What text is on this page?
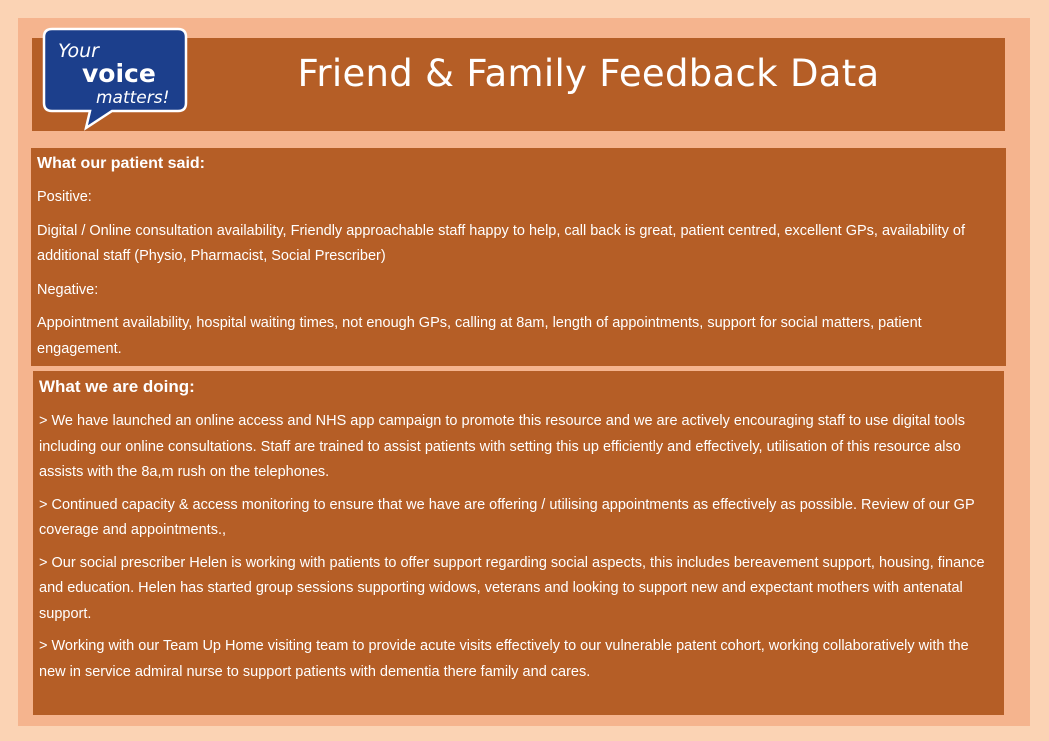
Friend & Family Feedback Data
Your
voice
matters!
What our patient said:
Positive:
Digital / Online consultation availability, Friendly approachable staff happy to help, call back is great, patient centred, excellent GPs, availability of additional staff (Physio, Pharmacist, Social Prescriber)
Negative:
Appointment availability, hospital waiting times, not enough GPs, calling at 8am, length of appointments, support for social matters, patient engagement.
What we are doing:
> We have launched an online access and NHS app campaign to promote this resource and we are actively encouraging staff to use digital tools including our online consultations. Staff are trained to assist patients with setting this up efficiently and effectively, utilisation of this resource also assists with the 8a,m rush on the telephones.
> Continued capacity & access monitoring to ensure that we have are offering / utilising appointments as effectively as possible. Review of our GP coverage and appointments.,
> Our social prescriber Helen is working with patients to offer support regarding social aspects, this includes bereavement support, housing, finance and education. Helen has started group sessions supporting widows, veterans and looking to support new and expectant mothers with antenatal support.
> Working with our Team Up Home visiting team to provide acute visits effectively to our vulnerable patent cohort, working collaboratively with the new in service admiral nurse to support patients with dementia there family and cares.
